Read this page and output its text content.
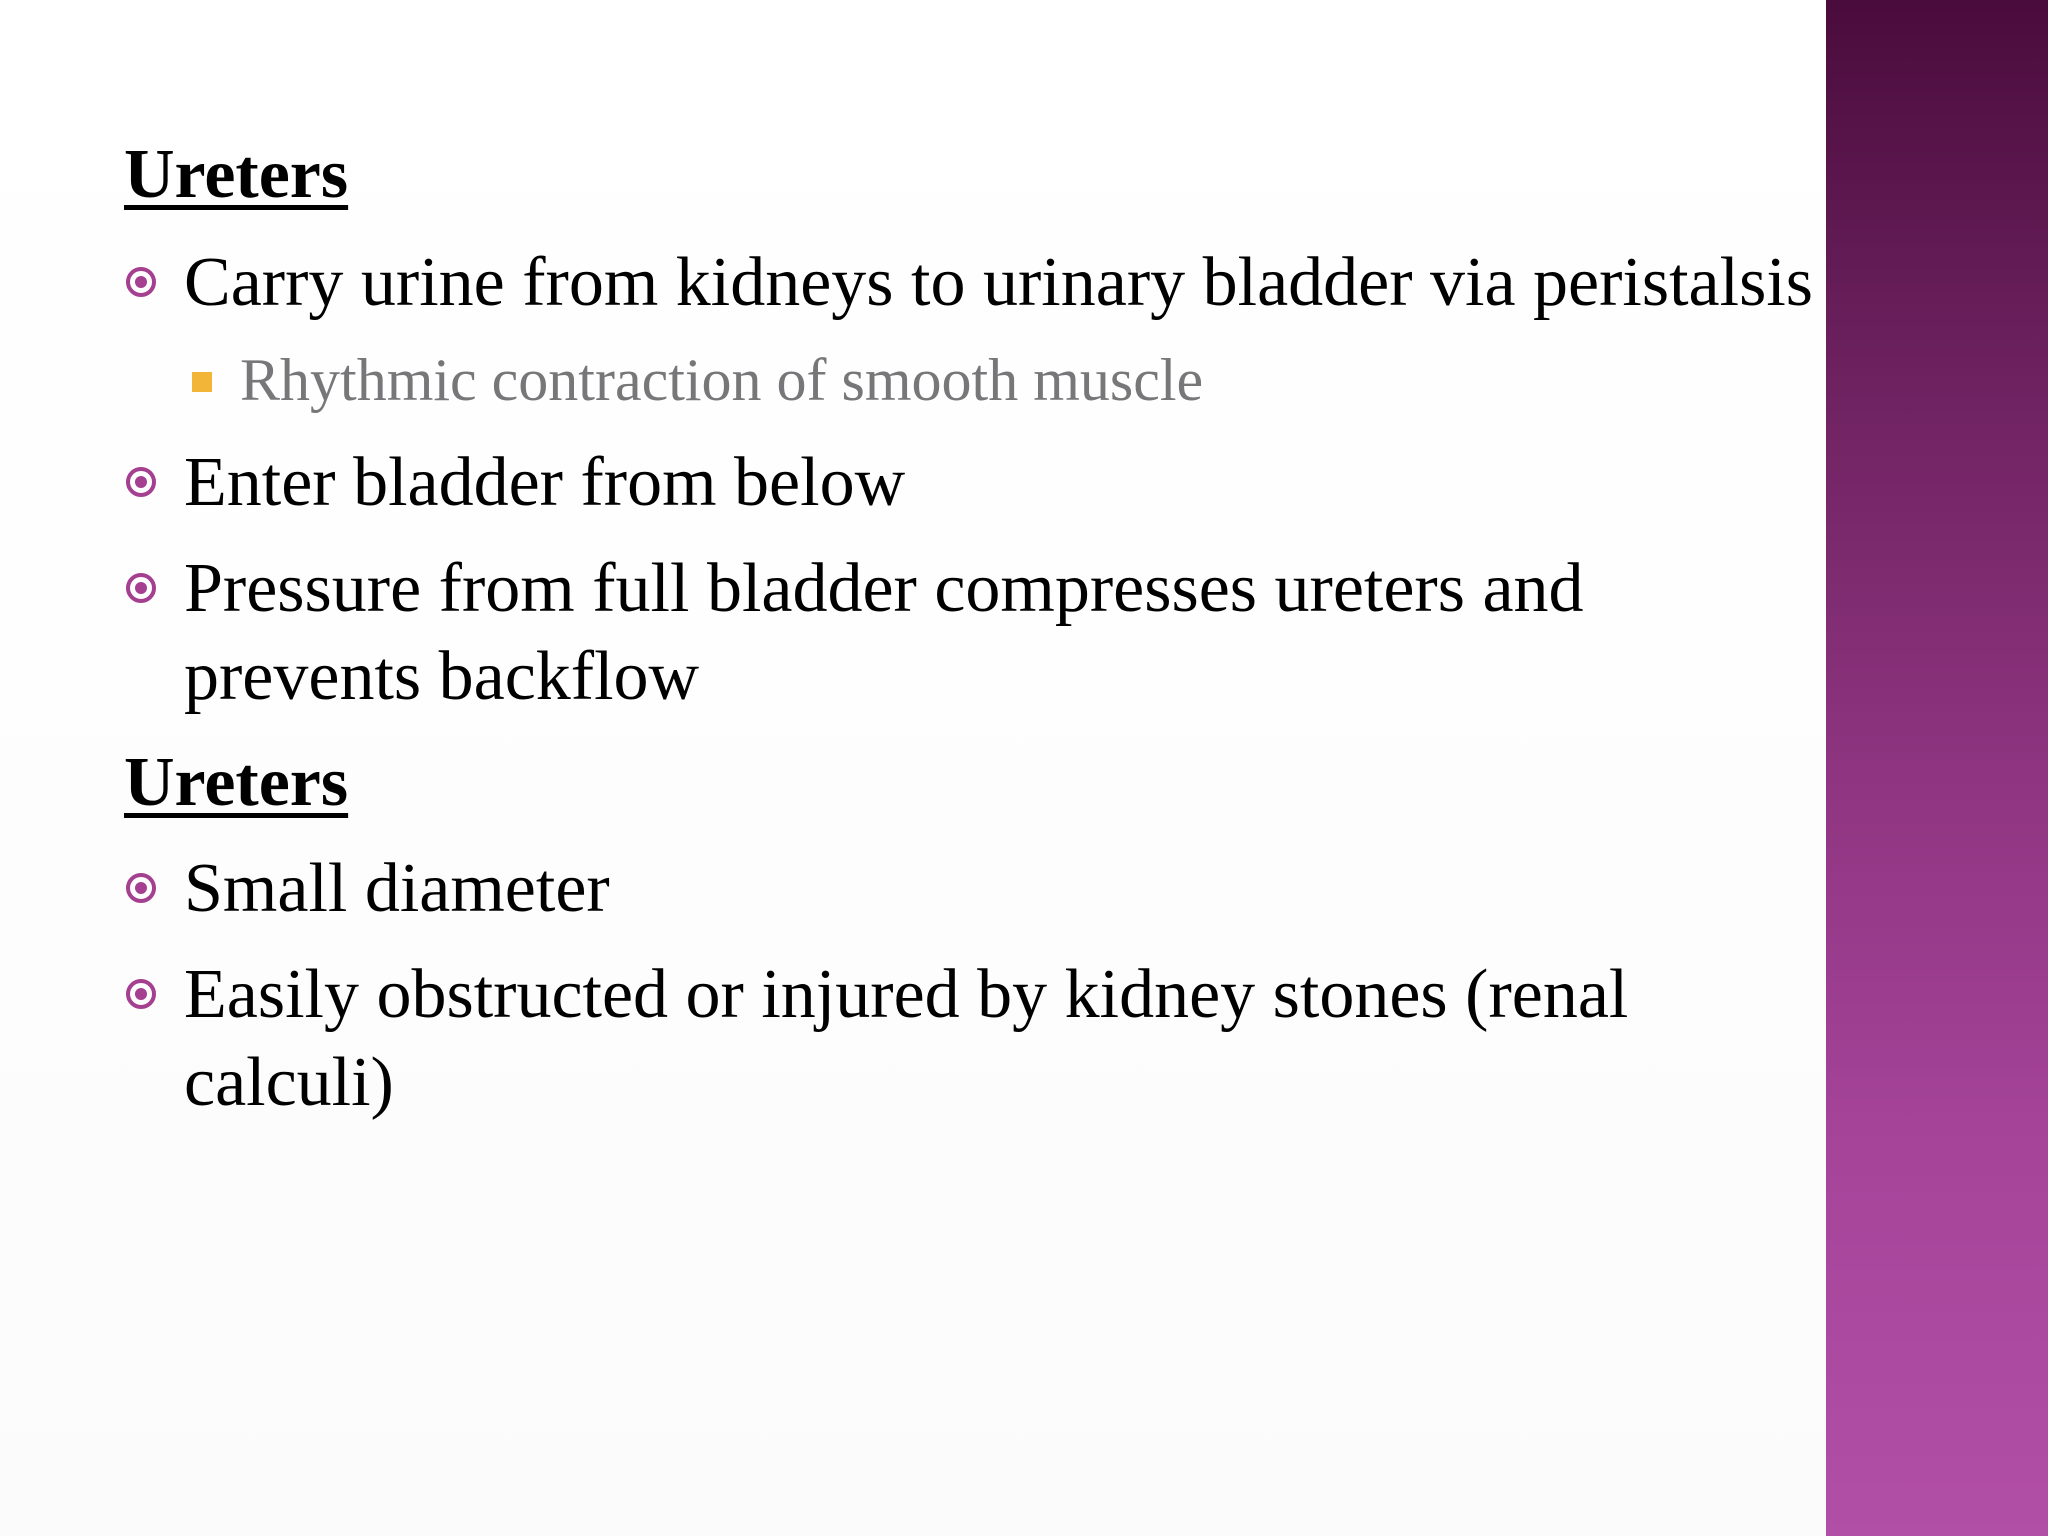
Ureters
Carry urine from kidneys to urinary bladder via peristalsis
Rhythmic contraction of smooth muscle
Enter bladder from below
Pressure from full bladder compresses ureters and
prevents backflow
Ureters
Small diameter
Easily obstructed or injured by kidney stones (renal
calculi)
